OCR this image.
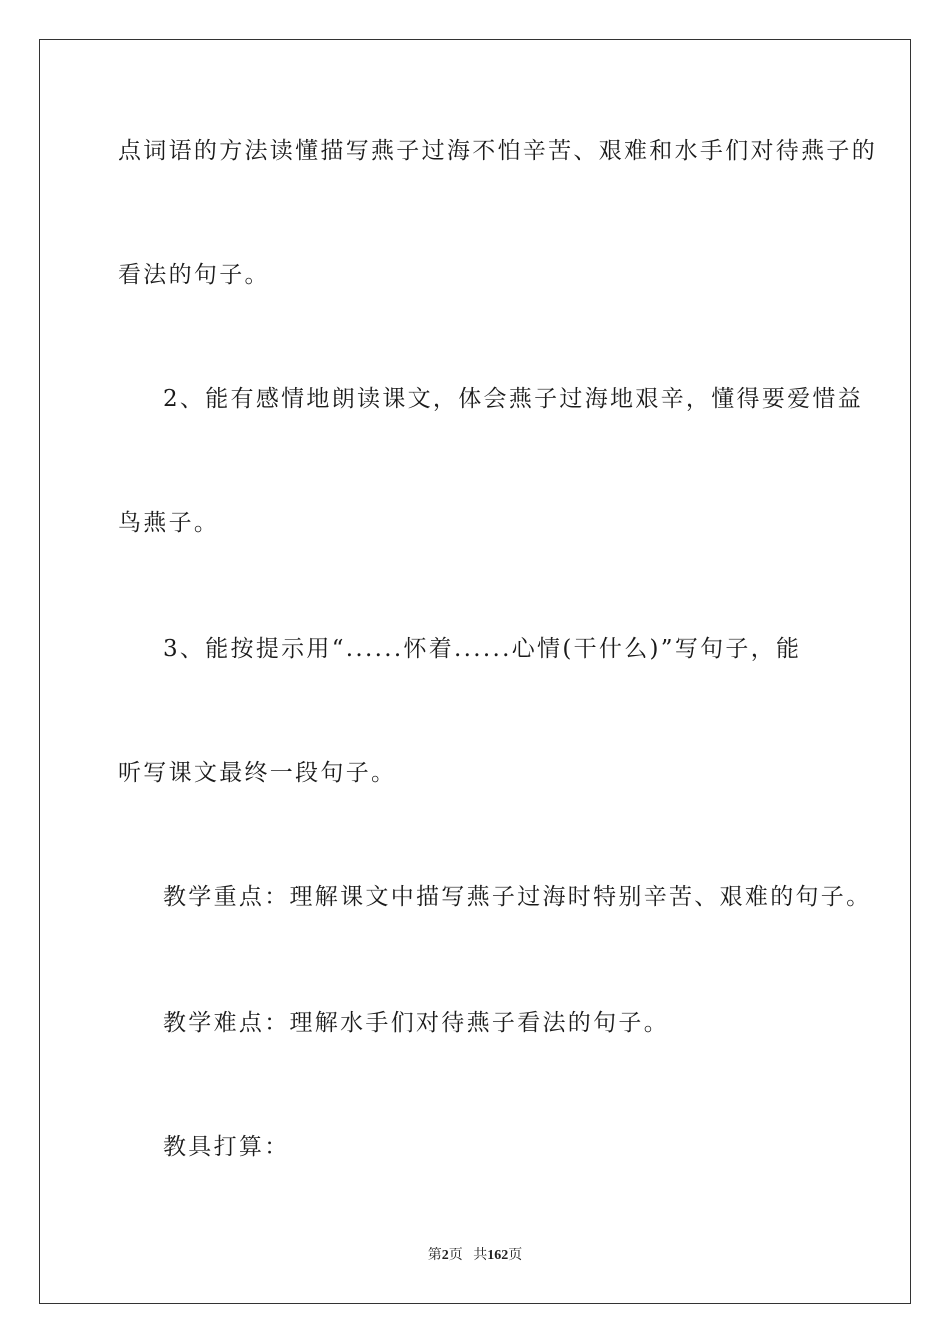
点词语的方法读懂描写燕子过海不怕辛苦、艰难和水手们对待燕子的
看法的句子。
2、能有感情地朗读课文，体会燕子过海地艰辛，懂得要爱惜益
鸟燕子。
3、能按提示用“......怀着......心情(干什么)”写句子，能
听写课文最终一段句子。
教学重点：理解课文中描写燕子过海时特别辛苦、艰难的句子。
教学难点：理解水手们对待燕子看法的句子。
教具打算：
第2页 共162页
